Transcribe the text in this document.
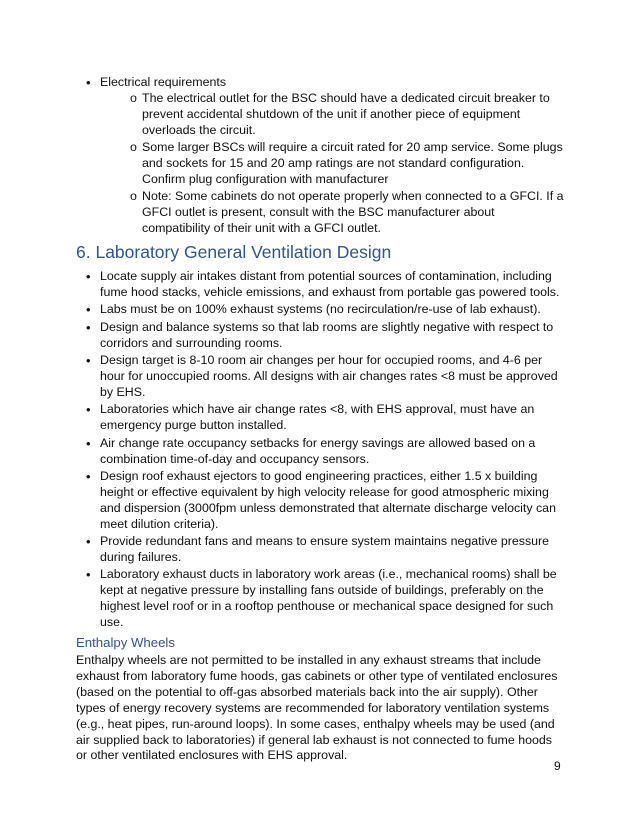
• Electrical requirements
o The electrical outlet for the BSC should have a dedicated circuit breaker to prevent accidental shutdown of the unit if another piece of equipment overloads the circuit.
o Some larger BSCs will require a circuit rated for 20 amp service. Some plugs and sockets for 15 and 20 amp ratings are not standard configuration. Confirm plug configuration with manufacturer
o Note: Some cabinets do not operate properly when connected to a GFCI. If a GFCI outlet is present, consult with the BSC manufacturer about compatibility of their unit with a GFCI outlet.
6. Laboratory General Ventilation Design
• Locate supply air intakes distant from potential sources of contamination, including fume hood stacks, vehicle emissions, and exhaust from portable gas powered tools.
• Labs must be on 100% exhaust systems (no recirculation/re-use of lab exhaust).
• Design and balance systems so that lab rooms are slightly negative with respect to corridors and surrounding rooms.
• Design target is 8-10 room air changes per hour for occupied rooms, and 4-6 per hour for unoccupied rooms. All designs with air changes rates <8 must be approved by EHS.
• Laboratories which have air change rates <8, with EHS approval, must have an emergency purge button installed.
• Air change rate occupancy setbacks for energy savings are allowed based on a combination time-of-day and occupancy sensors.
• Design roof exhaust ejectors to good engineering practices, either 1.5 x building height or effective equivalent by high velocity release for good atmospheric mixing and dispersion (3000fpm unless demonstrated that alternate discharge velocity can meet dilution criteria).
• Provide redundant fans and means to ensure system maintains negative pressure during failures.
• Laboratory exhaust ducts in laboratory work areas (i.e., mechanical rooms) shall be kept at negative pressure by installing fans outside of buildings, preferably on the highest level roof or in a rooftop penthouse or mechanical space designed for such use.
Enthalpy Wheels

Enthalpy wheels are not permitted to be installed in any exhaust streams that include exhaust from laboratory fume hoods, gas cabinets or other type of ventilated enclosures (based on the potential to off-gas absorbed materials back into the air supply). Other types of energy recovery systems are recommended for laboratory ventilation systems (e.g., heat pipes, run-around loops). In some cases, enthalpy wheels may be used (and air supplied back to laboratories) if general lab exhaust is not connected to fume hoods or other ventilated enclosures with EHS approval.

9
